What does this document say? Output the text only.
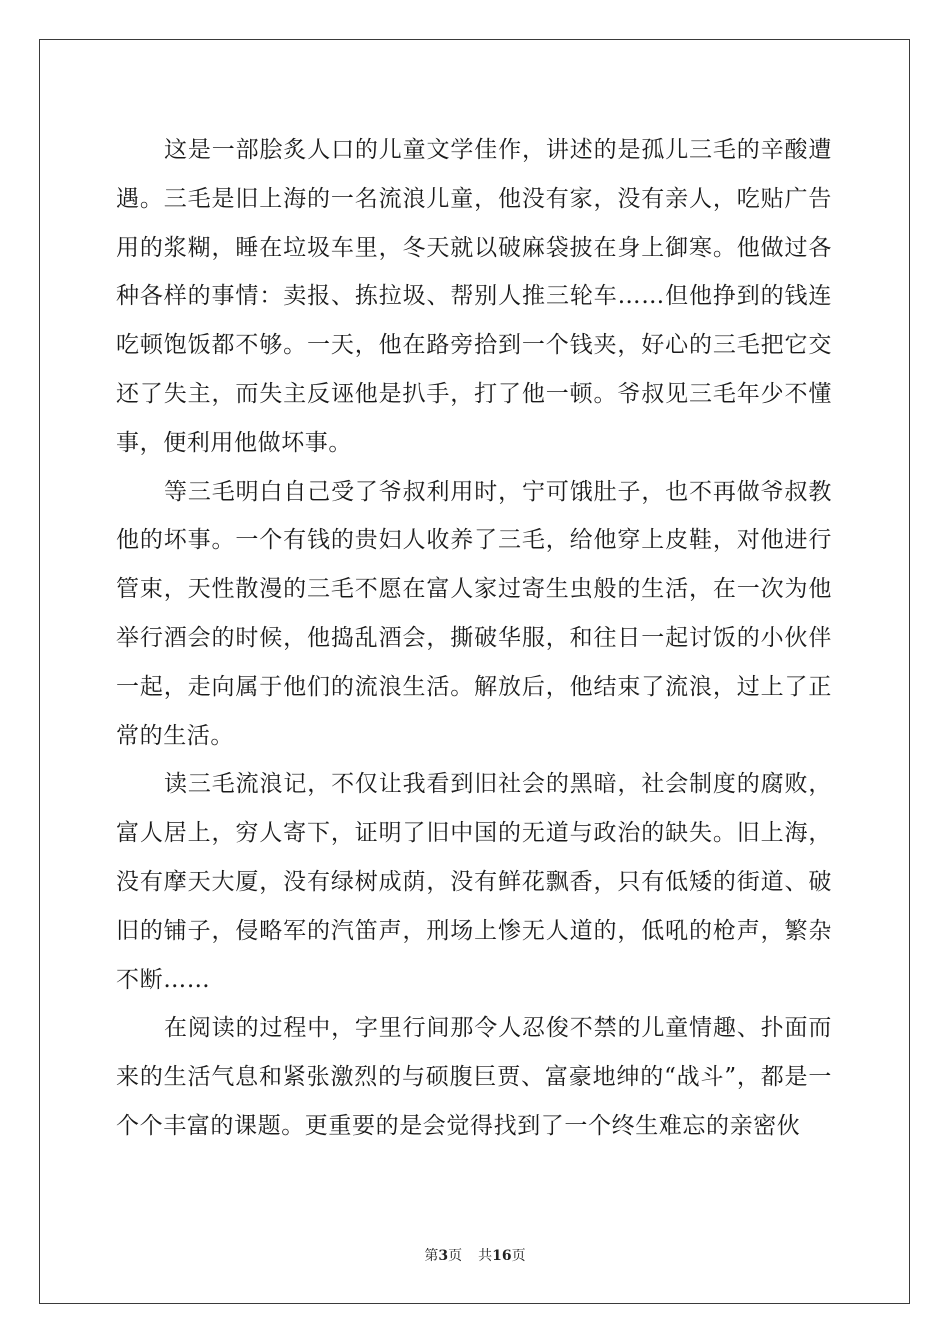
这是一部脍炙人口的儿童文学佳作，讲述的是孤儿三毛的辛酸遭遇。三毛是旧上海的一名流浪儿童，他没有家，没有亲人，吃贴广告用的浆糊，睡在垃圾车里，冬天就以破麻袋披在身上御寒。他做过各种各样的事情：卖报、拣拉圾、帮别人推三轮车……但他挣到的钱连吃顿饱饭都不够。一天，他在路旁拾到一个钱夹，好心的三毛把它交还了失主，而失主反诬他是扒手，打了他一顿。爷叔见三毛年少不懂事，便利用他做坏事。

等三毛明白自己受了爷叔利用时，宁可饿肚子，也不再做爷叔教他的坏事。一个有钱的贵妇人收养了三毛，给他穿上皮鞋，对他进行管束，天性散漫的三毛不愿在富人家过寄生虫般的生活，在一次为他举行酒会的时候，他捣乱酒会，撕破华服，和往日一起讨饭的小伙伴一起，走向属于他们的流浪生活。解放后，他结束了流浪，过上了正常的生活。

读三毛流浪记，不仅让我看到旧社会的黑暗，社会制度的腐败，富人居上，穷人寄下，证明了旧中国的无道与政治的缺失。旧上海，没有摩天大厦，没有绿树成荫，没有鲜花飘香，只有低矮的街道、破旧的铺子，侵略军的汽笛声，刑场上惨无人道的，低吼的枪声，繁杂不断……

在阅读的过程中，字里行间那令人忍俊不禁的儿童情趣、扑面而来的生活气息和紧张激烈的与硕腹巨贾、富豪地绅的“战斗”，都是一个个丰富的课题。更重要的是会觉得找到了一个终生难忘的亲密伙

第3页 共16页
